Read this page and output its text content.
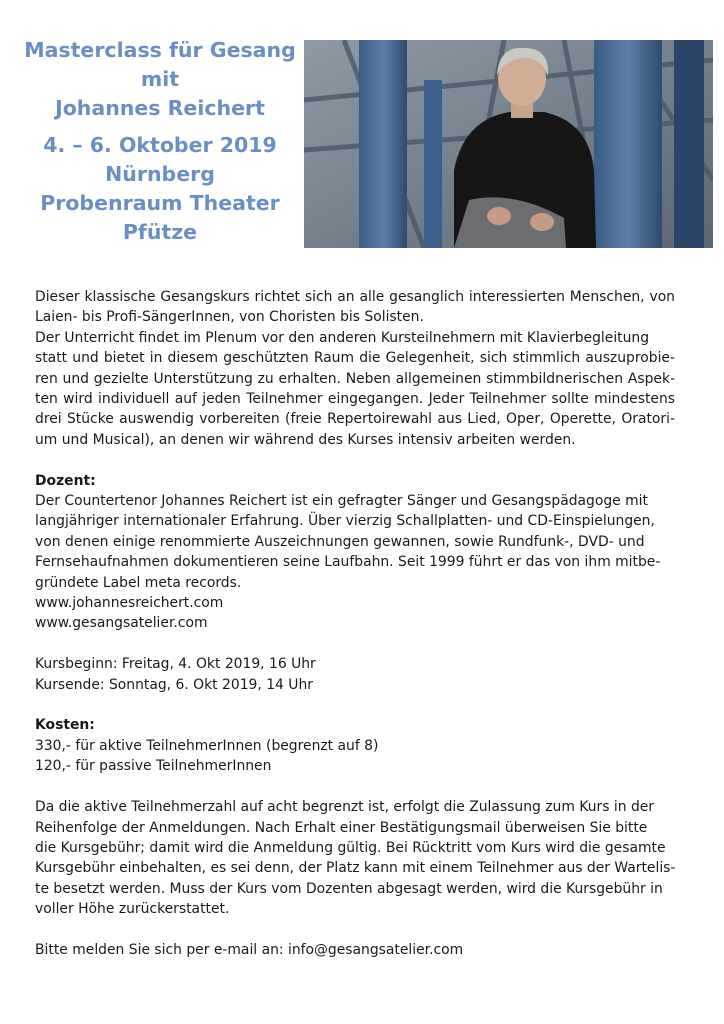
Masterclass für Gesang
mit
Johannes Reichert
4. – 6. Oktober 2019
Nürnberg
Probenraum Theater
Pfütze

Dieser klassische Gesangskurs richtet sich an alle gesanglich interessierten Menschen, von
Laien- bis Profi-SängerInnen, von Choristen bis Solisten.
Der Unterricht findet im Plenum vor den anderen Kursteilnehmern mit Klavierbegleitung
statt und bietet in diesem geschützten Raum die Gelegenheit, sich stimmlich auszuprobie-
ren und gezielte Unterstützung zu erhalten. Neben allgemeinen stimmbildnerischen Aspek-
ten wird individuell auf jeden Teilnehmer eingegangen. Jeder Teilnehmer sollte mindestens
drei Stücke auswendig vorbereiten (freie Repertoirewahl aus Lied, Oper, Operette, Oratori-
um und Musical), an denen wir während des Kurses intensiv arbeiten werden.

Dozent:
Der Countertenor Johannes Reichert ist ein gefragter Sänger und Gesangspädagoge mit
langjähriger internationaler Erfahrung. Über vierzig Schallplatten- und CD-Einspielungen,
von denen einige renommierte Auszeichnungen gewannen, sowie Rundfunk-, DVD- und
Fernsehaufnahmen dokumentieren seine Laufbahn. Seit 1999 führt er das von ihm mitbe-
gründete Label meta records.
www.johannesreichert.com
www.gesangsatelier.com

Kursbeginn: Freitag, 4. Okt 2019, 16 Uhr
Kursende: Sonntag, 6. Okt 2019, 14 Uhr

Kosten:
330,- für aktive TeilnehmerInnen (begrenzt auf 8)
120,- für passive TeilnehmerInnen

Da die aktive Teilnehmerzahl auf acht begrenzt ist, erfolgt die Zulassung zum Kurs in der
Reihenfolge der Anmeldungen. Nach Erhalt einer Bestätigungsmail überweisen Sie bitte
die Kursgebühr; damit wird die Anmeldung gültig. Bei Rücktritt vom Kurs wird die gesamte
Kursgebühr einbehalten, es sei denn, der Platz kann mit einem Teilnehmer aus der Wartelis-
te besetzt werden. Muss der Kurs vom Dozenten abgesagt werden, wird die Kursgebühr in
voller Höhe zurückerstattet.

Bitte melden Sie sich per e-mail an: info@gesangsatelier.com
